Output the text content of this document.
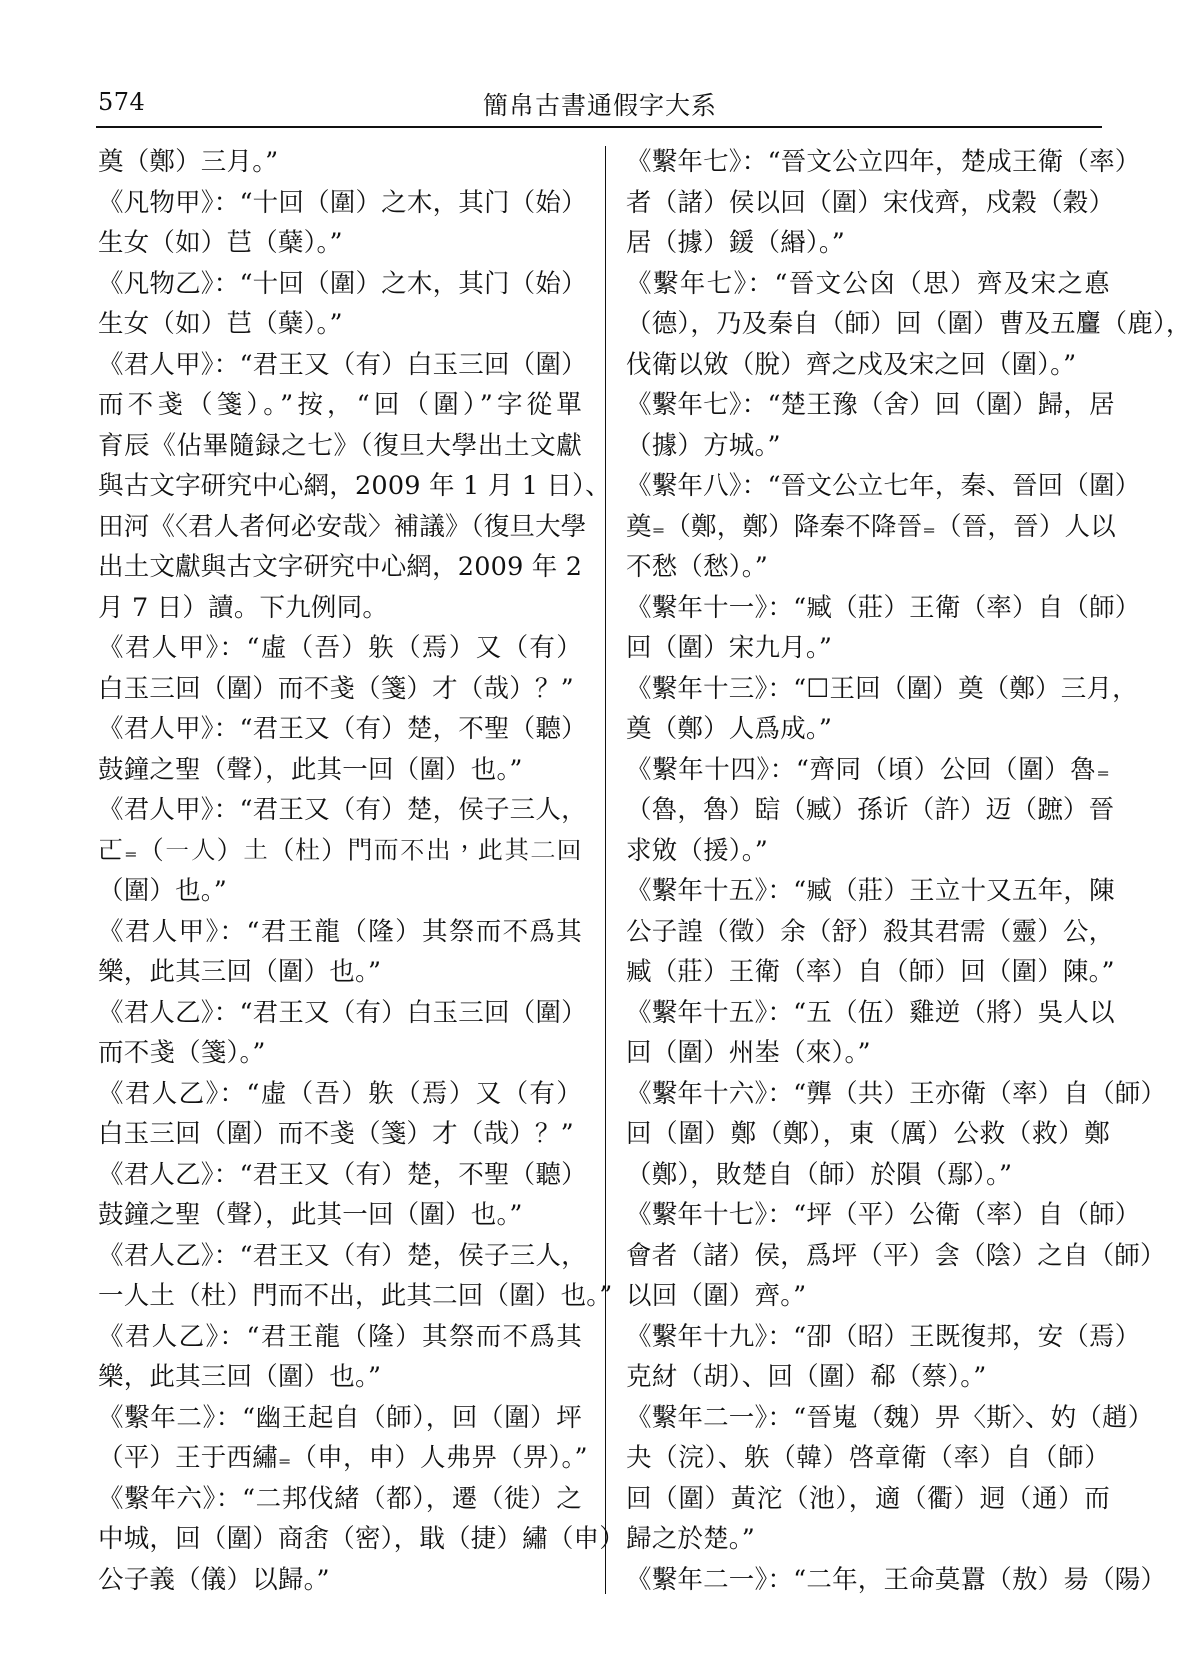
574	簡帛古書通假字大系
奠（鄭）三月。”
《凡物甲》：“十回（圍）之木，其门（始）
生女（如）𦬊（蘖）。”
《凡物乙》：“十回（圍）之木，其门（始）
生女（如）𦬊（蘖）。”
《君人甲》：“君王又（有）白玉三回（圍）
而不戔（箋）。”按，“回（圍）”字從單
育辰《佔畢隨録之七》（復旦大學出土文獻
與古文字研究中心網，2009 年 1 月 1 日）、
田河《〈君人者何必安哉〉補議》（復旦大學
出土文獻與古文字研究中心網，2009 年 2
月 7 日）讀。下九例同。
《君人甲》：“虛（吾）䠶（焉）又（有）
白玉三回（圍）而不戔（箋）才（哉）？”
《君人甲》：“君王又（有）楚，不聖（聽）
鼓鐘之聖（聲），此其一回（圍）也。”
《君人甲》：“君王又（有）楚，侯子三人，
𠀀₌（一人）土（杜）門而不出，此其二回
（圍）也。”
《君人甲》：“君王龍（隆）其祭而不爲其
樂，此其三回（圍）也。”
《君人乙》：“君王又（有）白玉三回（圍）
而不戔（箋）。”
《君人乙》：“虛（吾）䠶（焉）又（有）
白玉三回（圍）而不戔（箋）才（哉）？”
《君人乙》：“君王又（有）楚，不聖（聽）
鼓鐘之聖（聲），此其一回（圍）也。”
《君人乙》：“君王又（有）楚，侯子三人，
一人土（杜）門而不出，此其二回（圍）也。”
《君人乙》：“君王龍（隆）其祭而不爲其
樂，此其三回（圍）也。”
《繫年二》：“幽王起自（師），回（圍）坪
（平）王于西繡₌（申，申）人弗畀（畀）。”
《繫年六》：“二邦伐緒（都），遷（徙）之
中城，回（圍）商峹（密），戢（捷）繡（申）
公子義（儀）以歸。”
《繫年七》：“晉文公立四年，楚成王衛（率）
者（諸）侯以回（圍）宋伐齊，戍穀（穀）
居（據）鍰（緡）。”
《繫年七》：“晉文公囟（思）齊及宋之悳
（德），乃及秦自（師）回（圍）曹及五麠（鹿），
伐衛以敓（脫）齊之戍及宋之回（圍）。”
《繫年七》：“楚王豫（舍）回（圍）歸，居
（據）方城。”
《繫年八》：“晉文公立七年，秦、晉回（圍）
奠₌（鄭，鄭）降秦不降晉₌（晉，晉）人以
不愁（愁）。”
《繫年十一》：“臧（莊）王衛（率）自（師）
回（圍）宋九月。”
《繫年十三》：“☐王回（圍）奠（鄭）三月，
奠（鄭）人爲成。”
《繫年十四》：“齊同（頃）公回（圍）魯₌
（魯，魯）䛗（臧）孫䜣（許）迈（蹠）晉
求敓（援）。”
《繫年十五》：“臧（莊）王立十又五年，陳
公子諻（徵）余（舒）殺其君需（靈）公，
臧（莊）王衛（率）自（師）回（圍）陳。”
《繫年十五》：“五（伍）雞逆（將）吳人以
回（圍）州峚（來）。”
《繫年十六》：“龏（共）王亦衛（率）自（師）
回（圍）鄭（鄭），東（厲）公救（救）鄭
（鄭），敗楚自（師）於隕（鄢）。”
《繫年十七》：“坪（平）公衛（率）自（師）
會者（諸）侯，爲坪（平）侌（陰）之自（師）
以回（圍）齊。”
《繫年十九》：“卲（昭）王既復邦，安（焉）
克䊷（胡）、回（圍）郗（蔡）。”
《繫年二一》：“晉嵬（魏）畀〈斯〉、妁（趙）
夬（浣）、䠶（韓）啓章衛（率）自（師）
回（圍）黃沱（池），適（衢）迵（通）而
歸之於楚。”
《繫年二一》：“二年，王命莫囂（敖）昜（陽）
